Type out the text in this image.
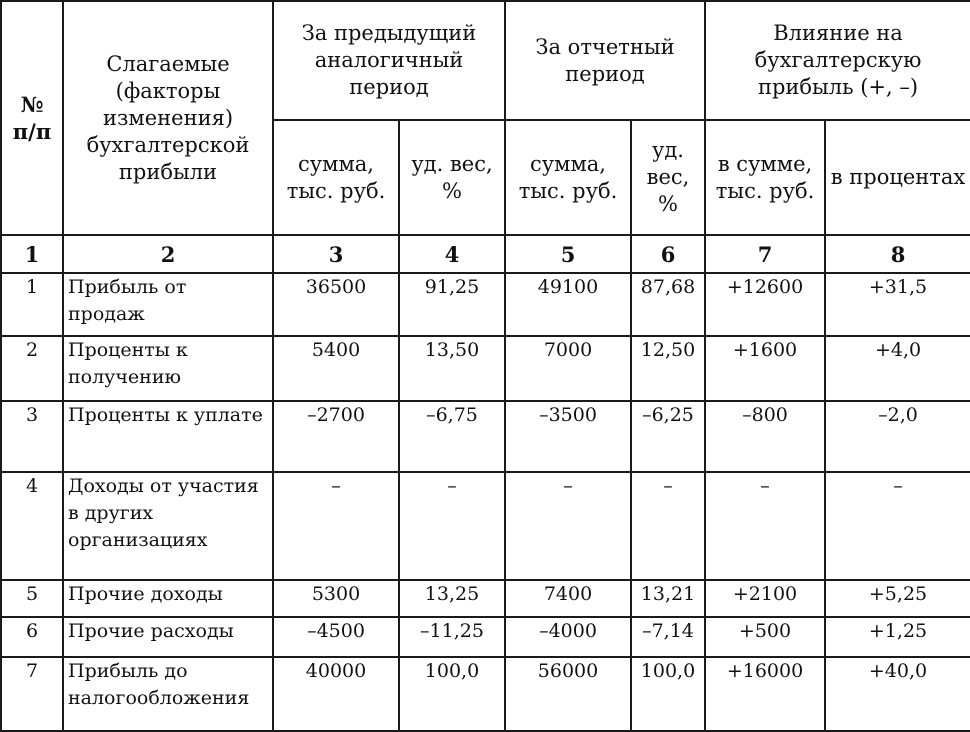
№ п/п	Слагаемые (факторы изменения) бухгалтерской прибыли	За предыдущий аналогичный период		За отчетный период		Влияние на бухгалтерскую прибыль (+, –)	
		сумма, тыс. руб.	уд. вес, %	сумма, тыс. руб.	уд. вес, %	в сумме, тыс. руб.	в процентах
1	2	3	4	5	6	7	8
1	Прибыль от продаж	36500	91,25	49100	87,68	+12600	+31,5
2	Проценты к получению	5400	13,50	7000	12,50	+1600	+4,0
3	Проценты к уплате	–2700	–6,75	–3500	–6,25	–800	–2,0
4	Доходы от участия в других организациях	–	–	–	–	–	–
5	Прочие доходы	5300	13,25	7400	13,21	+2100	+5,25
6	Прочие расходы	–4500	–11,25	–4000	–7,14	+500	+1,25
7	Прибыль до налогообложения	40000	100,0	56000	100,0	+16000	+40,0
